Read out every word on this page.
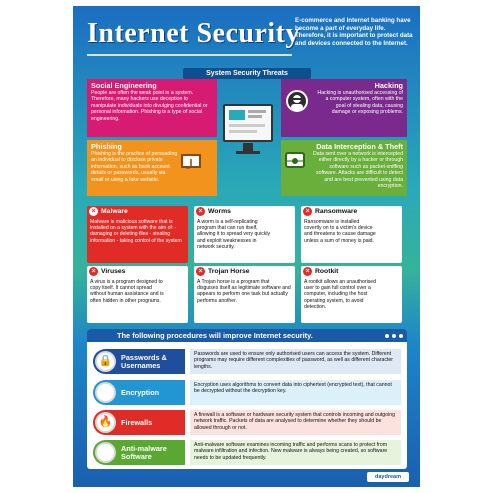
Internet Security
E-commerce and Internet banking have become a part of everyday life. Therefore, it is important to protect data and devices connected to the Internet.
System Security Threats
Social Engineering
People are often the weak point in a system. Therefore, many hackers use deception to manipulate individuals into divulging confidential or personal information. Phishing is a type of social engineering.
Hacking
Hacking is unauthorised accessing of a computer system, often with the goal of stealing data, causing damage or exposing problems.
Phishing
Phishing is the practice of persuading an individual to disclose private information, such as bank account details or passwords, usually via email or using a fake website.
Data Interception & Theft
Data sent over a network is intercepted either directly by a hacker or through software such as packet-sniffing software. Attacks are difficult to detect and are best prevented using data encryption.
× Malware
Malware is malicious software that is installed on a system with the aim of: - damaging or deleting files - stealing information - taking control of the system
× Worms
A worm is a self-replicating program that can run itself, allowing it to spread very quickly and exploit weaknesses in network security.
× Ransomware
Ransomware is installed covertly on to a victim's device and threatens to cause damage unless a sum of money is paid.
× Viruses
A virus is a program designed to copy itself. It cannot spread without human assistance and is often hidden in other programs.
× Trojan Horse
A Trojan horse is a program that disguises itself as legitimate software and appears to perform one task but actually performs another.
× Rootkit
A rootkit allows an unauthorised user to gain full control over a computer, including the host operating system, to avoid detection.
The following procedures will improve Internet security.
🔒	Passwords & Usernames
Passwords are used to ensure only authorised users can access the system. Different programs may require different complexities of password, as well as different character lengths.
⚙	Encryption
Encryption uses algorithms to convert data into ciphertext (encrypted text), that cannot be decrypted without the decryption key.
🔥	Firewalls
A firewall is a software or hardware security system that controls incoming and outgoing network traffic. Packets of data are analysed to determine whether they should be allowed through or not.
🛡	Anti-malware Software
Anti-malware software examines incoming traffic and performs scans to protect from malware infiltration and infection. New malware is always being created, so software needs to be updated frequently.
daydream
